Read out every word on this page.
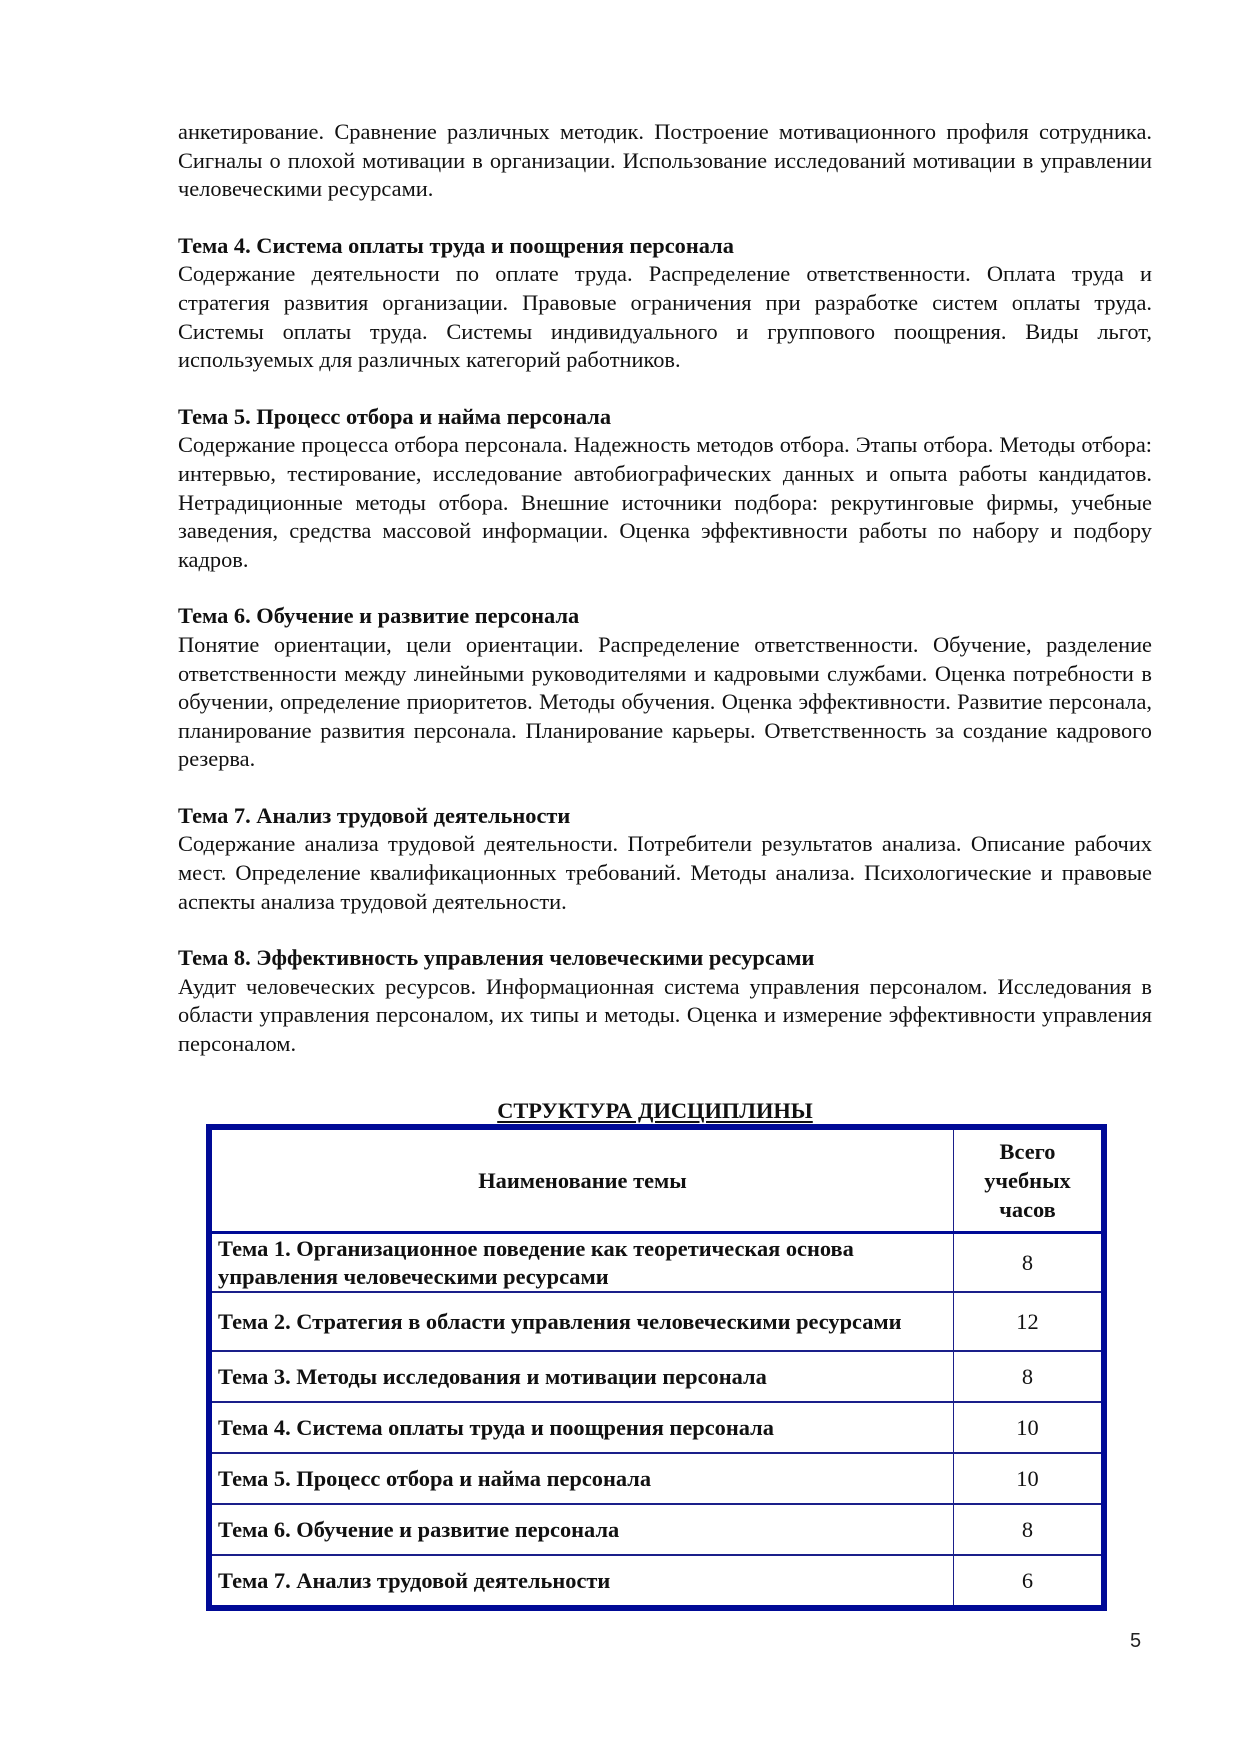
анкетирование. Сравнение различных методик. Построение мотивационного профиля сотрудника. Сигналы о плохой мотивации в организации. Использование исследований мотивации в управлении человеческими ресурсами.

Тема 4. Система оплаты труда и поощрения персонала

Содержание деятельности по оплате труда. Распределение ответственности. Оплата труда и стратегия развития организации. Правовые ограничения при разработке систем оплаты труда. Системы оплаты труда. Системы индивидуального и группового поощрения. Виды льгот, используемых для различных категорий работников.

Тема 5. Процесс отбора и найма персонала

Содержание процесса отбора персонала. Надежность методов отбора. Этапы отбора. Методы отбора: интервью, тестирование, исследование автобиографических данных и опыта работы кандидатов. Нетрадиционные методы отбора. Внешние источники подбора: рекрутинговые фирмы, учебные заведения, средства массовой информации. Оценка эффективности работы по набору и подбору кадров.

Тема 6. Обучение и развитие персонала

Понятие ориентации, цели ориентации. Распределение ответственности. Обучение, разделение ответственности между линейными руководителями и кадровыми службами. Оценка потребности в обучении, определение приоритетов. Методы обучения. Оценка эффективности. Развитие персонала, планирование развития персонала. Планирование карьеры. Ответственность за создание кадрового резерва.

Тема 7. Анализ трудовой деятельности

Содержание анализа трудовой деятельности. Потребители результатов анализа. Описание рабочих мест. Определение квалификационных требований. Методы анализа. Психологические и правовые аспекты анализа трудовой деятельности.

Тема 8. Эффективность управления человеческими ресурсами

Аудит человеческих ресурсов. Информационная система управления персоналом. Исследования в области управления персоналом, их типы и методы. Оценка и измерение эффективности управления персоналом.

СТРУКТУРА ДИСЦИПЛИНЫ
Наименование темы	Всего
учебных
часов
Тема 1. Организационное поведение как теоретическая основа управления человеческими ресурсами	8
Тема 2. Стратегия в области управления человеческими ресурсами	12
Тема 3. Методы исследования и мотивации персонала	8
Тема 4. Система оплаты труда и поощрения персонала	10
Тема 5. Процесс отбора и найма персонала	10
Тема 6. Обучение и развитие персонала	8
Тема 7. Анализ трудовой деятельности	6
5
